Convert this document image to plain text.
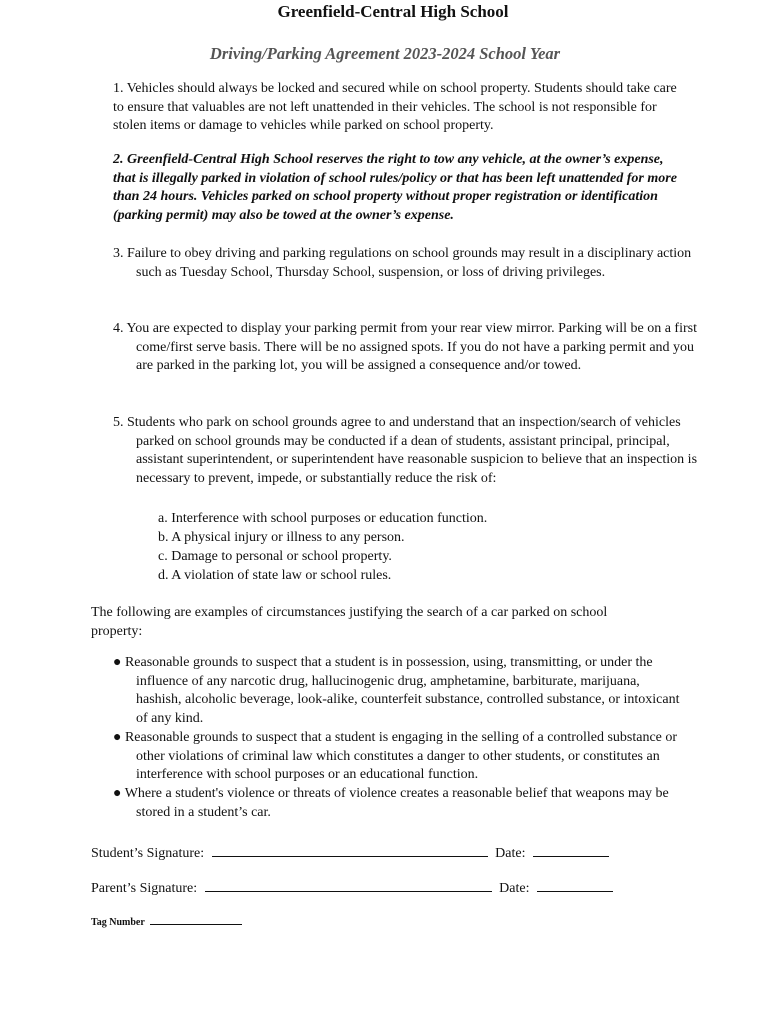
Greenfield-Central High School
Driving/Parking Agreement 2023-2024 School Year

1. Vehicles should always be locked and secured while on school property. Students should take care to ensure that valuables are not left unattended in their vehicles. The school is not responsible for stolen items or damage to vehicles while parked on school property.

2. Greenfield-Central High School reserves the right to tow any vehicle, at the owner’s expense, that is illegally parked in violation of school rules/policy or that has been left unattended for more than 24 hours. Vehicles parked on school property without proper registration or identification (parking permit) may also be towed at the owner’s expense.

3. Failure to obey driving and parking regulations on school grounds may result in a disciplinary action such as Tuesday School, Thursday School, suspension, or loss of driving privileges.

4. You are expected to display your parking permit from your rear view mirror. Parking will be on a first come/first serve basis. There will be no assigned spots. If you do not have a parking permit and you are parked in the parking lot, you will be assigned a consequence and/or towed.

5. Students who park on school grounds agree to and understand that an inspection/search of vehicles parked on school grounds may be conducted if a dean of students, assistant principal, principal, assistant superintendent, or superintendent have reasonable suspicion to believe that an inspection is necessary to prevent, impede, or substantially reduce the risk of:

a. Interference with school purposes or education function.
b. A physical injury or illness to any person.
c. Damage to personal or school property.
d. A violation of state law or school rules.

The following are examples of circumstances justifying the search of a car parked on school property:

● Reasonable grounds to suspect that a student is in possession, using, transmitting, or under the influence of any narcotic drug, hallucinogenic drug, amphetamine, barbiturate, marijuana, hashish, alcoholic beverage, look-alike, counterfeit substance, controlled substance, or intoxicant of any kind.
● Reasonable grounds to suspect that a student is engaging in the selling of a controlled substance or other violations of criminal law which constitutes a danger to other students, or constitutes an interference with school purposes or an educational function.
● Where a student's violence or threats of violence creates a reasonable belief that weapons may be stored in a student’s car.
Student’s Signature:	Date:
Parent’s Signature:	Date:
Tag Number
